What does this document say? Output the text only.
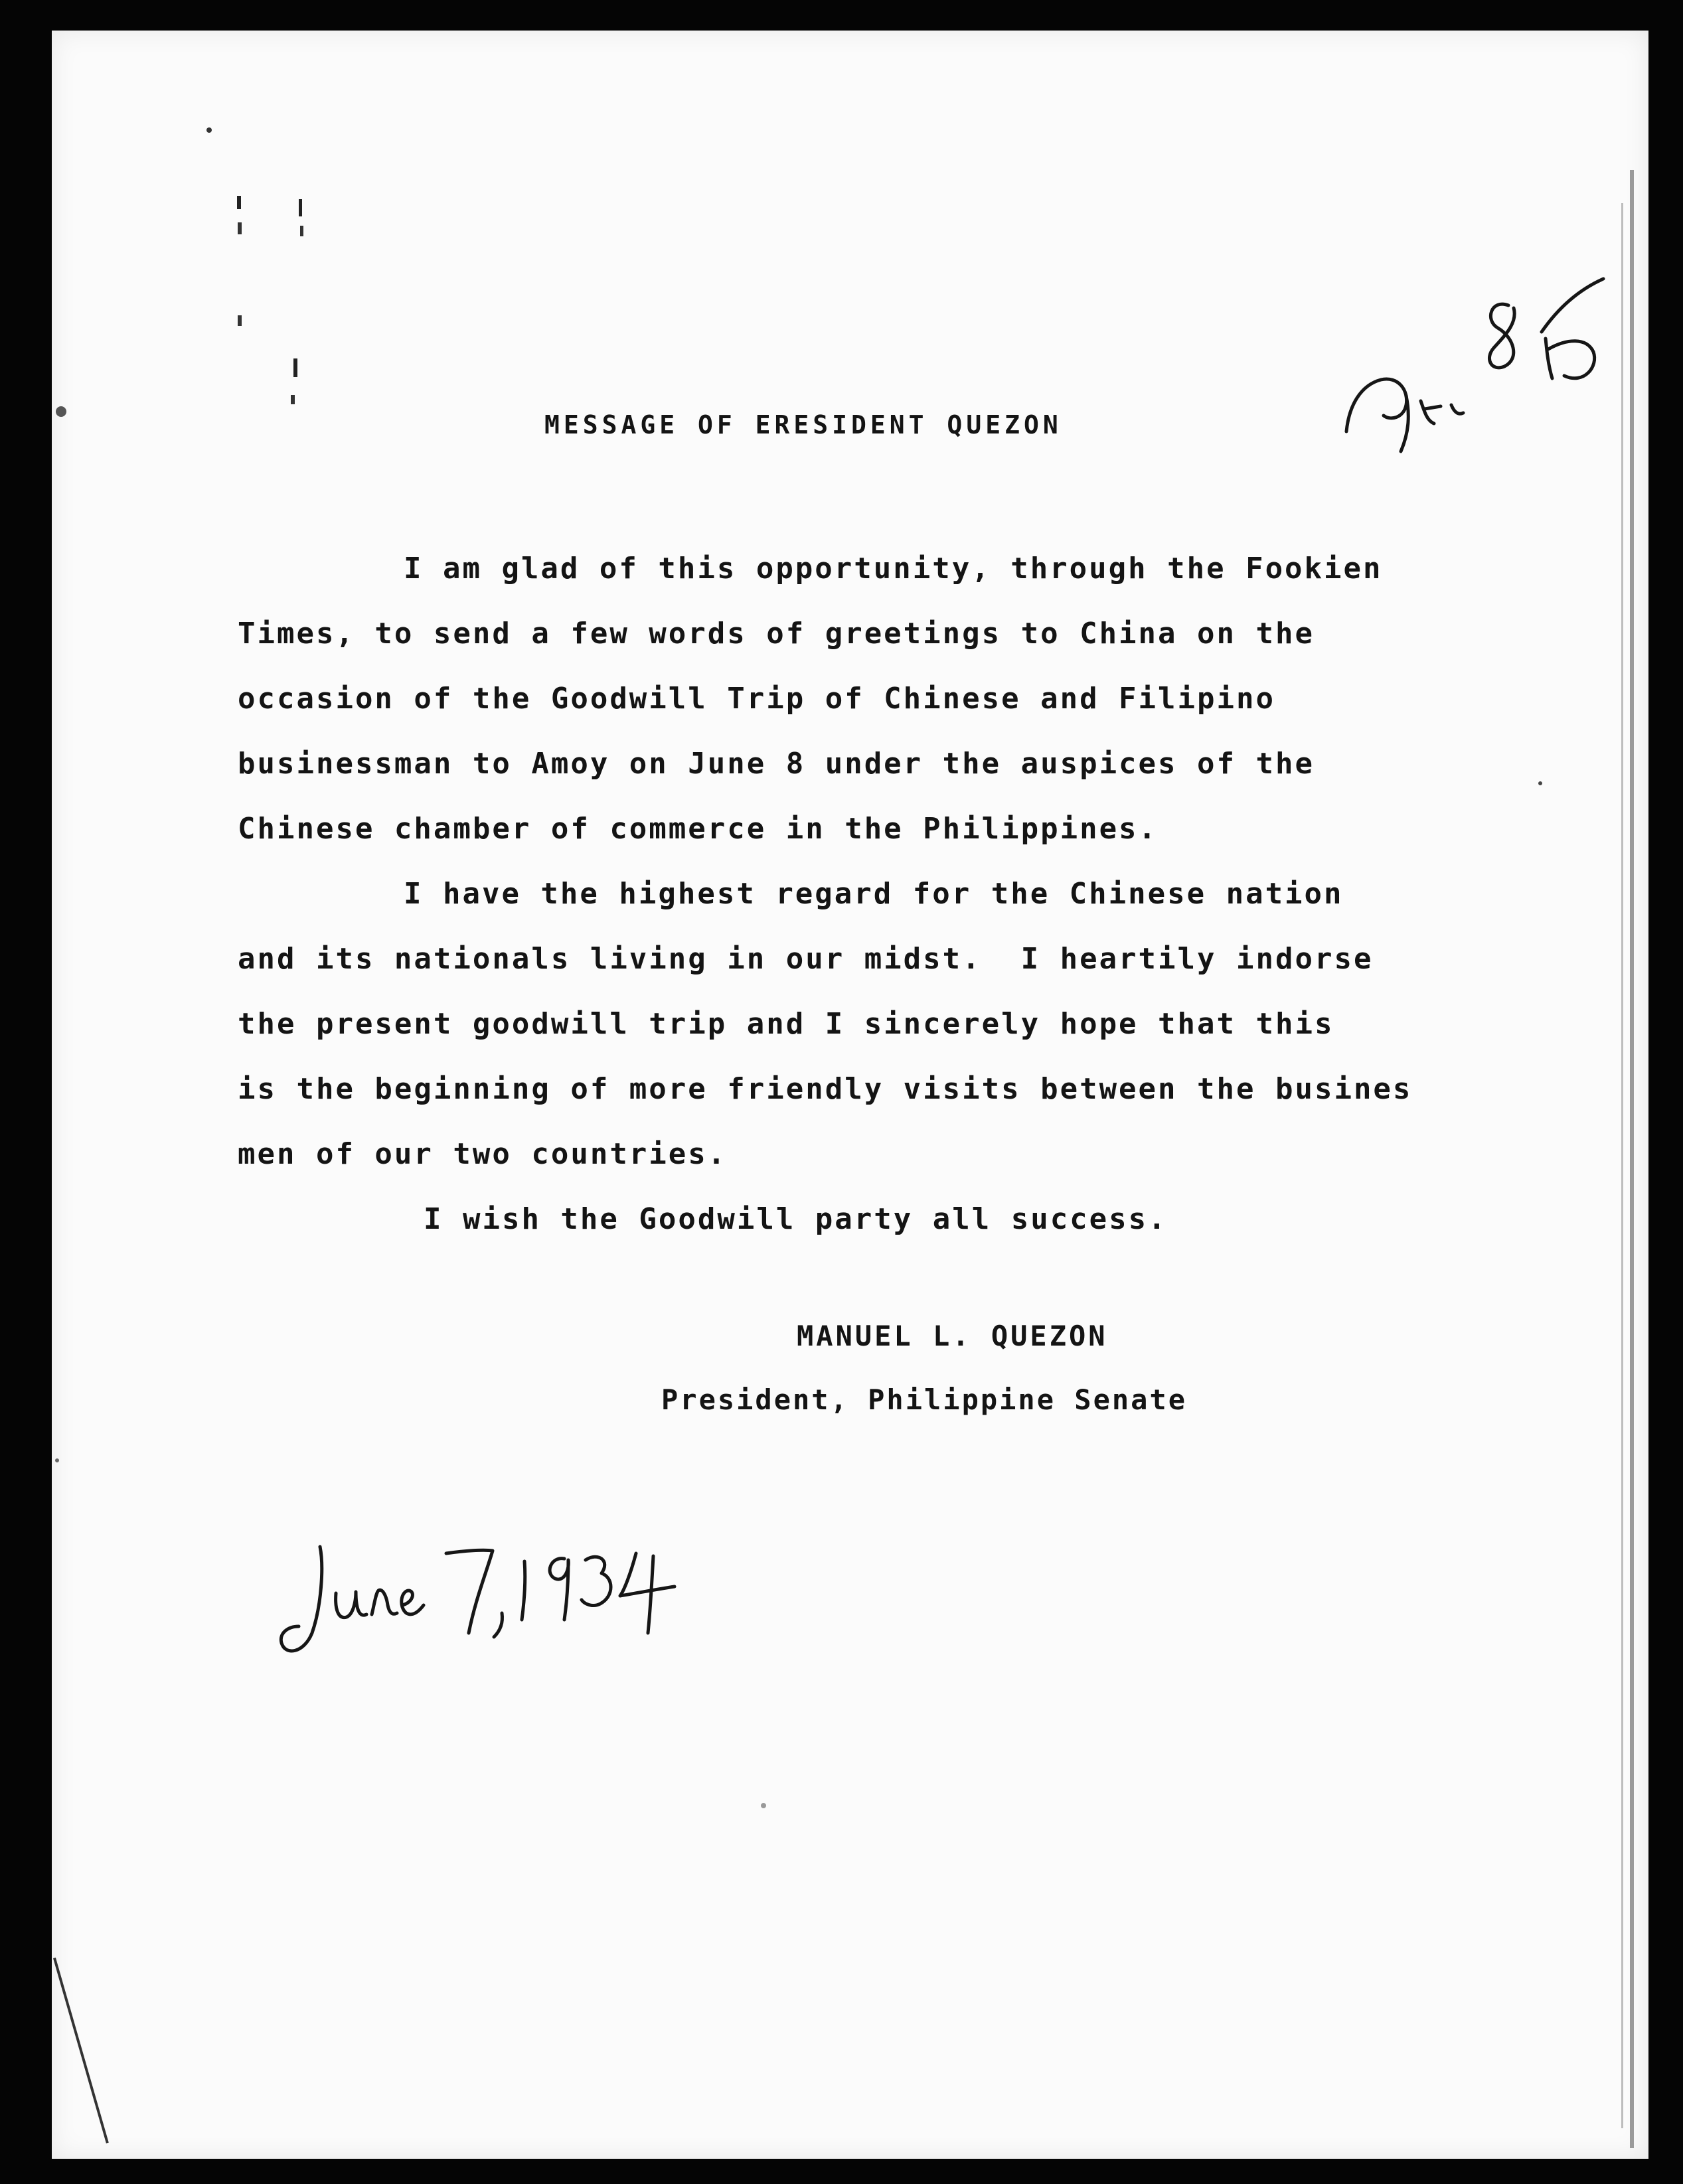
MESSAGE OF ERESIDENT QUEZON
I am glad of this opportunity, through the Fookien
Times, to send a few words of greetings to China on the
occasion of the Goodwill Trip of Chinese and Filipino
businessman to Amoy on June 8 under the auspices of the
Chinese chamber of commerce in the Philippines.
I have the highest regard for the Chinese nation
and its nationals living in our midst.  I heartily indorse
the present goodwill trip and I sincerely hope that this
is the beginning of more friendly visits between the busines
men of our two countries.
I wish the Goodwill party all success.
MANUEL L. QUEZON
President, Philippine Senate
